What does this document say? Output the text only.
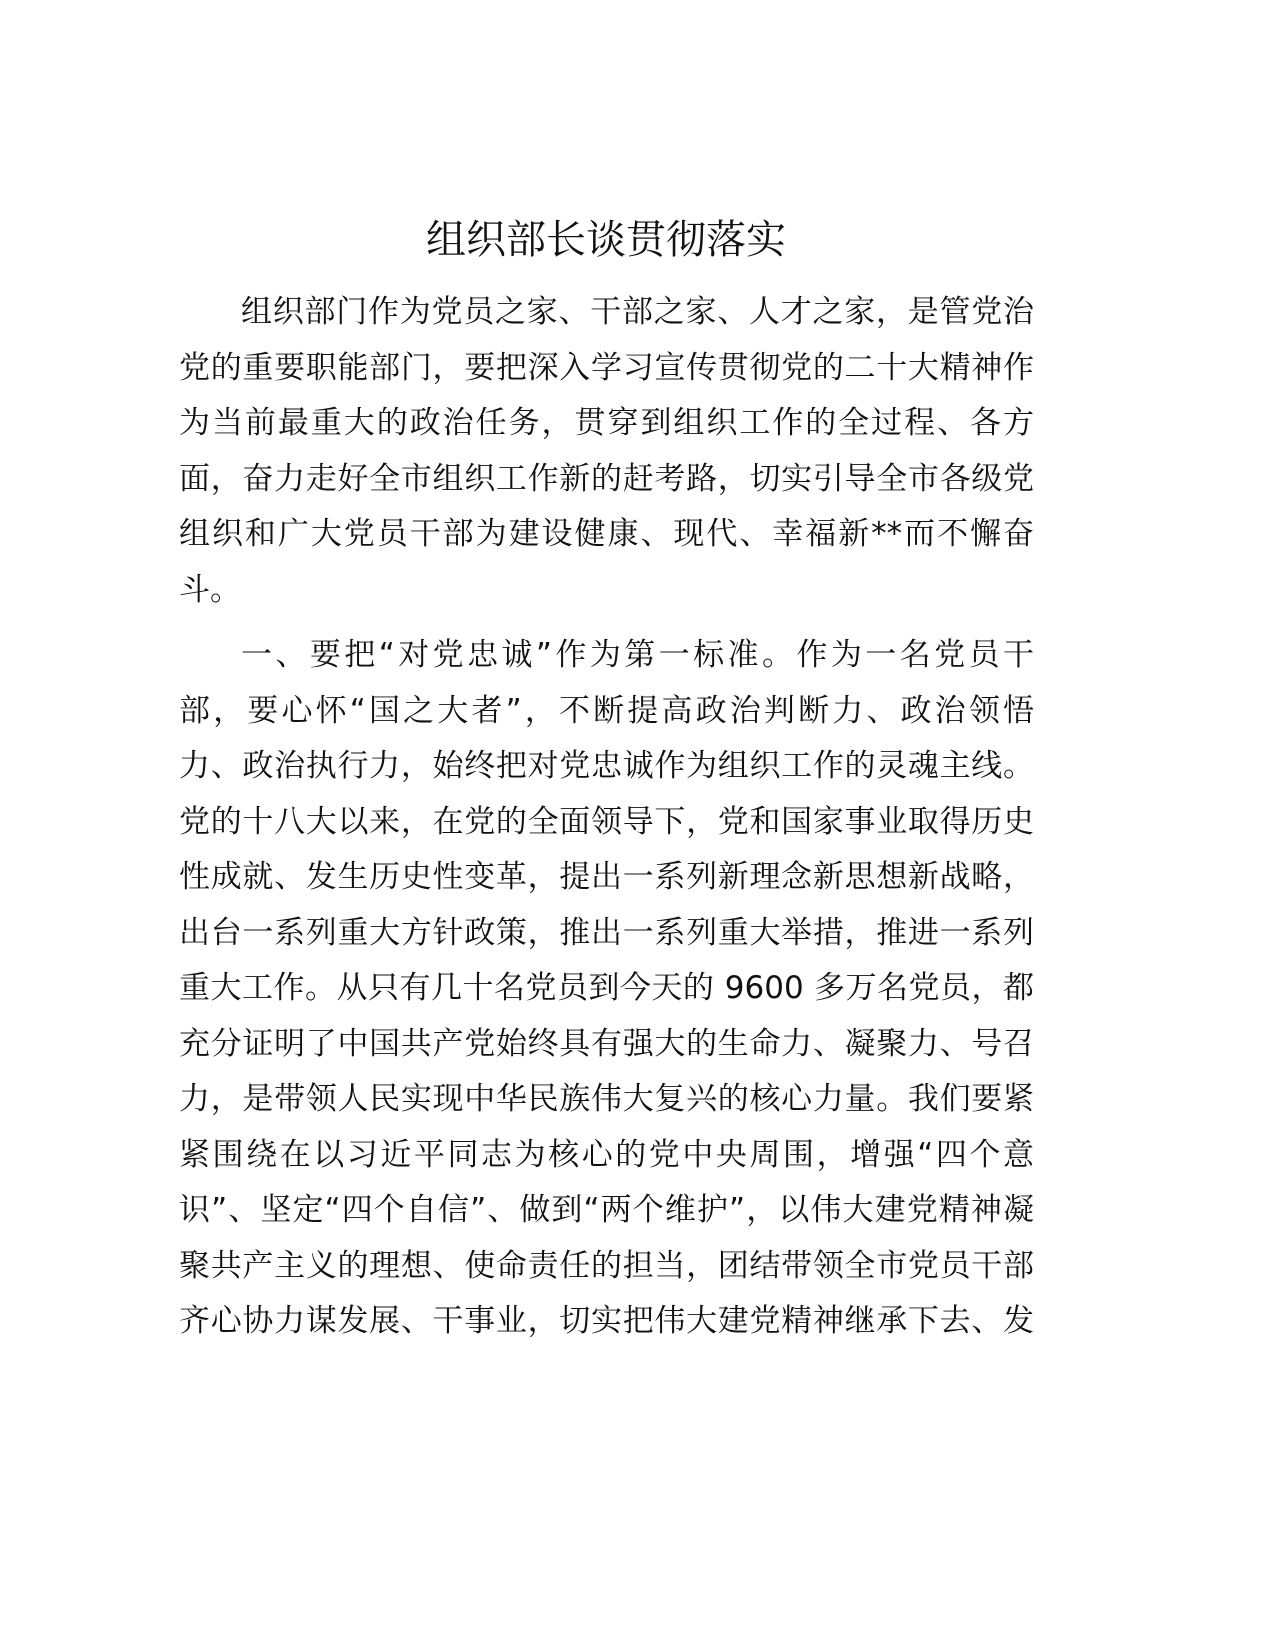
组织部长谈贯彻落实
组织部门作为党员之家、干部之家、人才之家，是管党治
党的重要职能部门，要把深入学习宣传贯彻党的二十大精神作
为当前最重大的政治任务，贯穿到组织工作的全过程、各方
面，奋力走好全市组织工作新的赶考路，切实引导全市各级党
组织和广大党员干部为建设健康、现代、幸福新**而不懈奋
斗。
一、要把“对党忠诚”作为第一标准。作为一名党员干
部，要心怀“国之大者”，不断提高政治判断力、政治领悟
力、政治执行力，始终把对党忠诚作为组织工作的灵魂主线。
党的十八大以来，在党的全面领导下，党和国家事业取得历史
性成就、发生历史性变革，提出一系列新理念新思想新战略，
出台一系列重大方针政策，推出一系列重大举措，推进一系列
重大工作。从只有几十名党员到今天的 9600 多万名党员，都
充分证明了中国共产党始终具有强大的生命力、凝聚力、号召
力，是带领人民实现中华民族伟大复兴的核心力量。我们要紧
紧围绕在以习近平同志为核心的党中央周围，增强“四个意
识”、坚定“四个自信”、做到“两个维护”，以伟大建党精神凝
聚共产主义的理想、使命责任的担当，团结带领全市党员干部
齐心协力谋发展、干事业，切实把伟大建党精神继承下去、发
